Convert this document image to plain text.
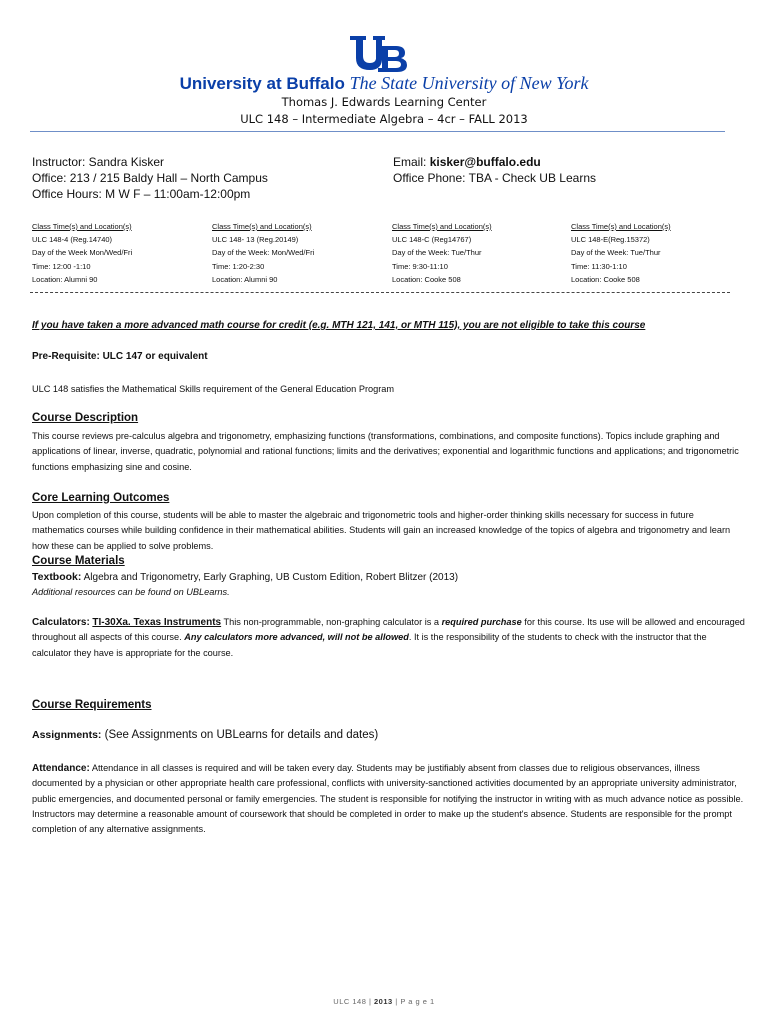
University at Buffalo The State University of New York
Thomas J. Edwards Learning Center
ULC 148 – Intermediate Algebra – 4cr – FALL 2013
Instructor: Sandra Kisker
Office: 213 / 215 Baldy Hall – North Campus
Office Hours: M W F – 11:00am-12:00pm
Email: kisker@buffalo.edu
Office Phone: TBA - Check UB Learns
Class Time(s) and Location(s)
ULC 148-4 (Reg.14740)
Day of the Week Mon/Wed/Fri
Time: 12:00 -1:10
Location: Alumni 90
Class Time(s) and Location(s)
ULC 148- 13 (Reg.20149)
Day of the Week: Mon/Wed/Fri
Time: 1:20-2:30
Location: Alumni 90
Class Time(s) and Location(s)
ULC 148-C (Reg14767)
Day of the Week: Tue/Thur
Time: 9:30-11:10
Location: Cooke 508
Class Time(s) and Location(s)
ULC 148-E(Reg.15372)
Day of the Week: Tue/Thur
Time: 11:30-1:10
Location: Cooke 508
If you have taken a more advanced math course for credit (e.g. MTH 121, 141, or MTH 115), you are not eligible to take this course
Pre-Requisite: ULC 147 or equivalent
ULC 148 satisfies the Mathematical Skills requirement of the General Education Program
Course Description
This course reviews pre-calculus algebra and trigonometry, emphasizing functions (transformations, combinations, and composite functions). Topics include graphing and applications of linear, inverse, quadratic, polynomial and rational functions; limits and the derivatives; exponential and logarithmic functions and applications; and trigonometric functions emphasizing sine and cosine.
Core Learning Outcomes
Upon completion of this course, students will be able to master the algebraic and trigonometric tools and higher-order thinking skills necessary for success in future mathematics courses while building confidence in their mathematical abilities. Students will gain an increased knowledge of the topics of algebra and trigonometry and learn how these can be applied to solve problems.
Course Materials
Textbook: Algebra and Trigonometry, Early Graphing, UB Custom Edition, Robert Blitzer (2013)
Additional resources can be found on UBLearns.
Calculators: TI-30Xa. Texas Instruments This non-programmable, non-graphing calculator is a required purchase for this course. Its use will be allowed and encouraged throughout all aspects of this course. Any calculators more advanced, will not be allowed. It is the responsibility of the students to check with the instructor that the calculator they have is appropriate for the course.
Course Requirements
Assignments: (See Assignments on UBLearns for details and dates)
Attendance: Attendance in all classes is required and will be taken every day. Students may be justifiably absent from classes due to religious observances, illness documented by a physician or other appropriate health care professional, conflicts with university-sanctioned activities documented by an appropriate university administrator, public emergencies, and documented personal or family emergencies. The student is responsible for notifying the instructor in writing with as much advance notice as possible. Instructors may determine a reasonable amount of coursework that should be completed in order to make up the student's absence. Students are responsible for the prompt completion of any alternative assignments.
ULC 148 | 2013 | P a g e 1
